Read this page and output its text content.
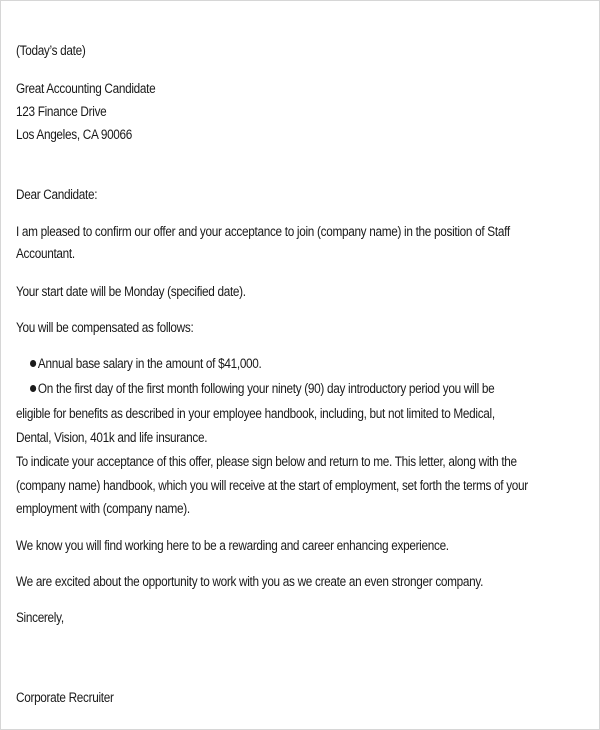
(Today’s date)
Great Accounting Candidate
123 Finance Drive
Los Angeles, CA 90066
Dear Candidate:
I am pleased to confirm our offer and your acceptance to join (company name) in the position of Staff
Accountant.
Your start date will be Monday (specified date).
You will be compensated as follows:
Annual base salary in the amount of $41,000.
On the first day of the first month following your ninety (90) day introductory period you will be
eligible for benefits as described in your employee handbook, including, but not limited to Medical,
Dental, Vision, 401k and life insurance.
To indicate your acceptance of this offer, please sign below and return to me. This letter, along with the
(company name) handbook, which you will receive at the start of employment, set forth the terms of your
employment with (company name).
We know you will find working here to be a rewarding and career enhancing experience.
We are excited about the opportunity to work with you as we create an even stronger company.
Sincerely,
Corporate Recruiter
